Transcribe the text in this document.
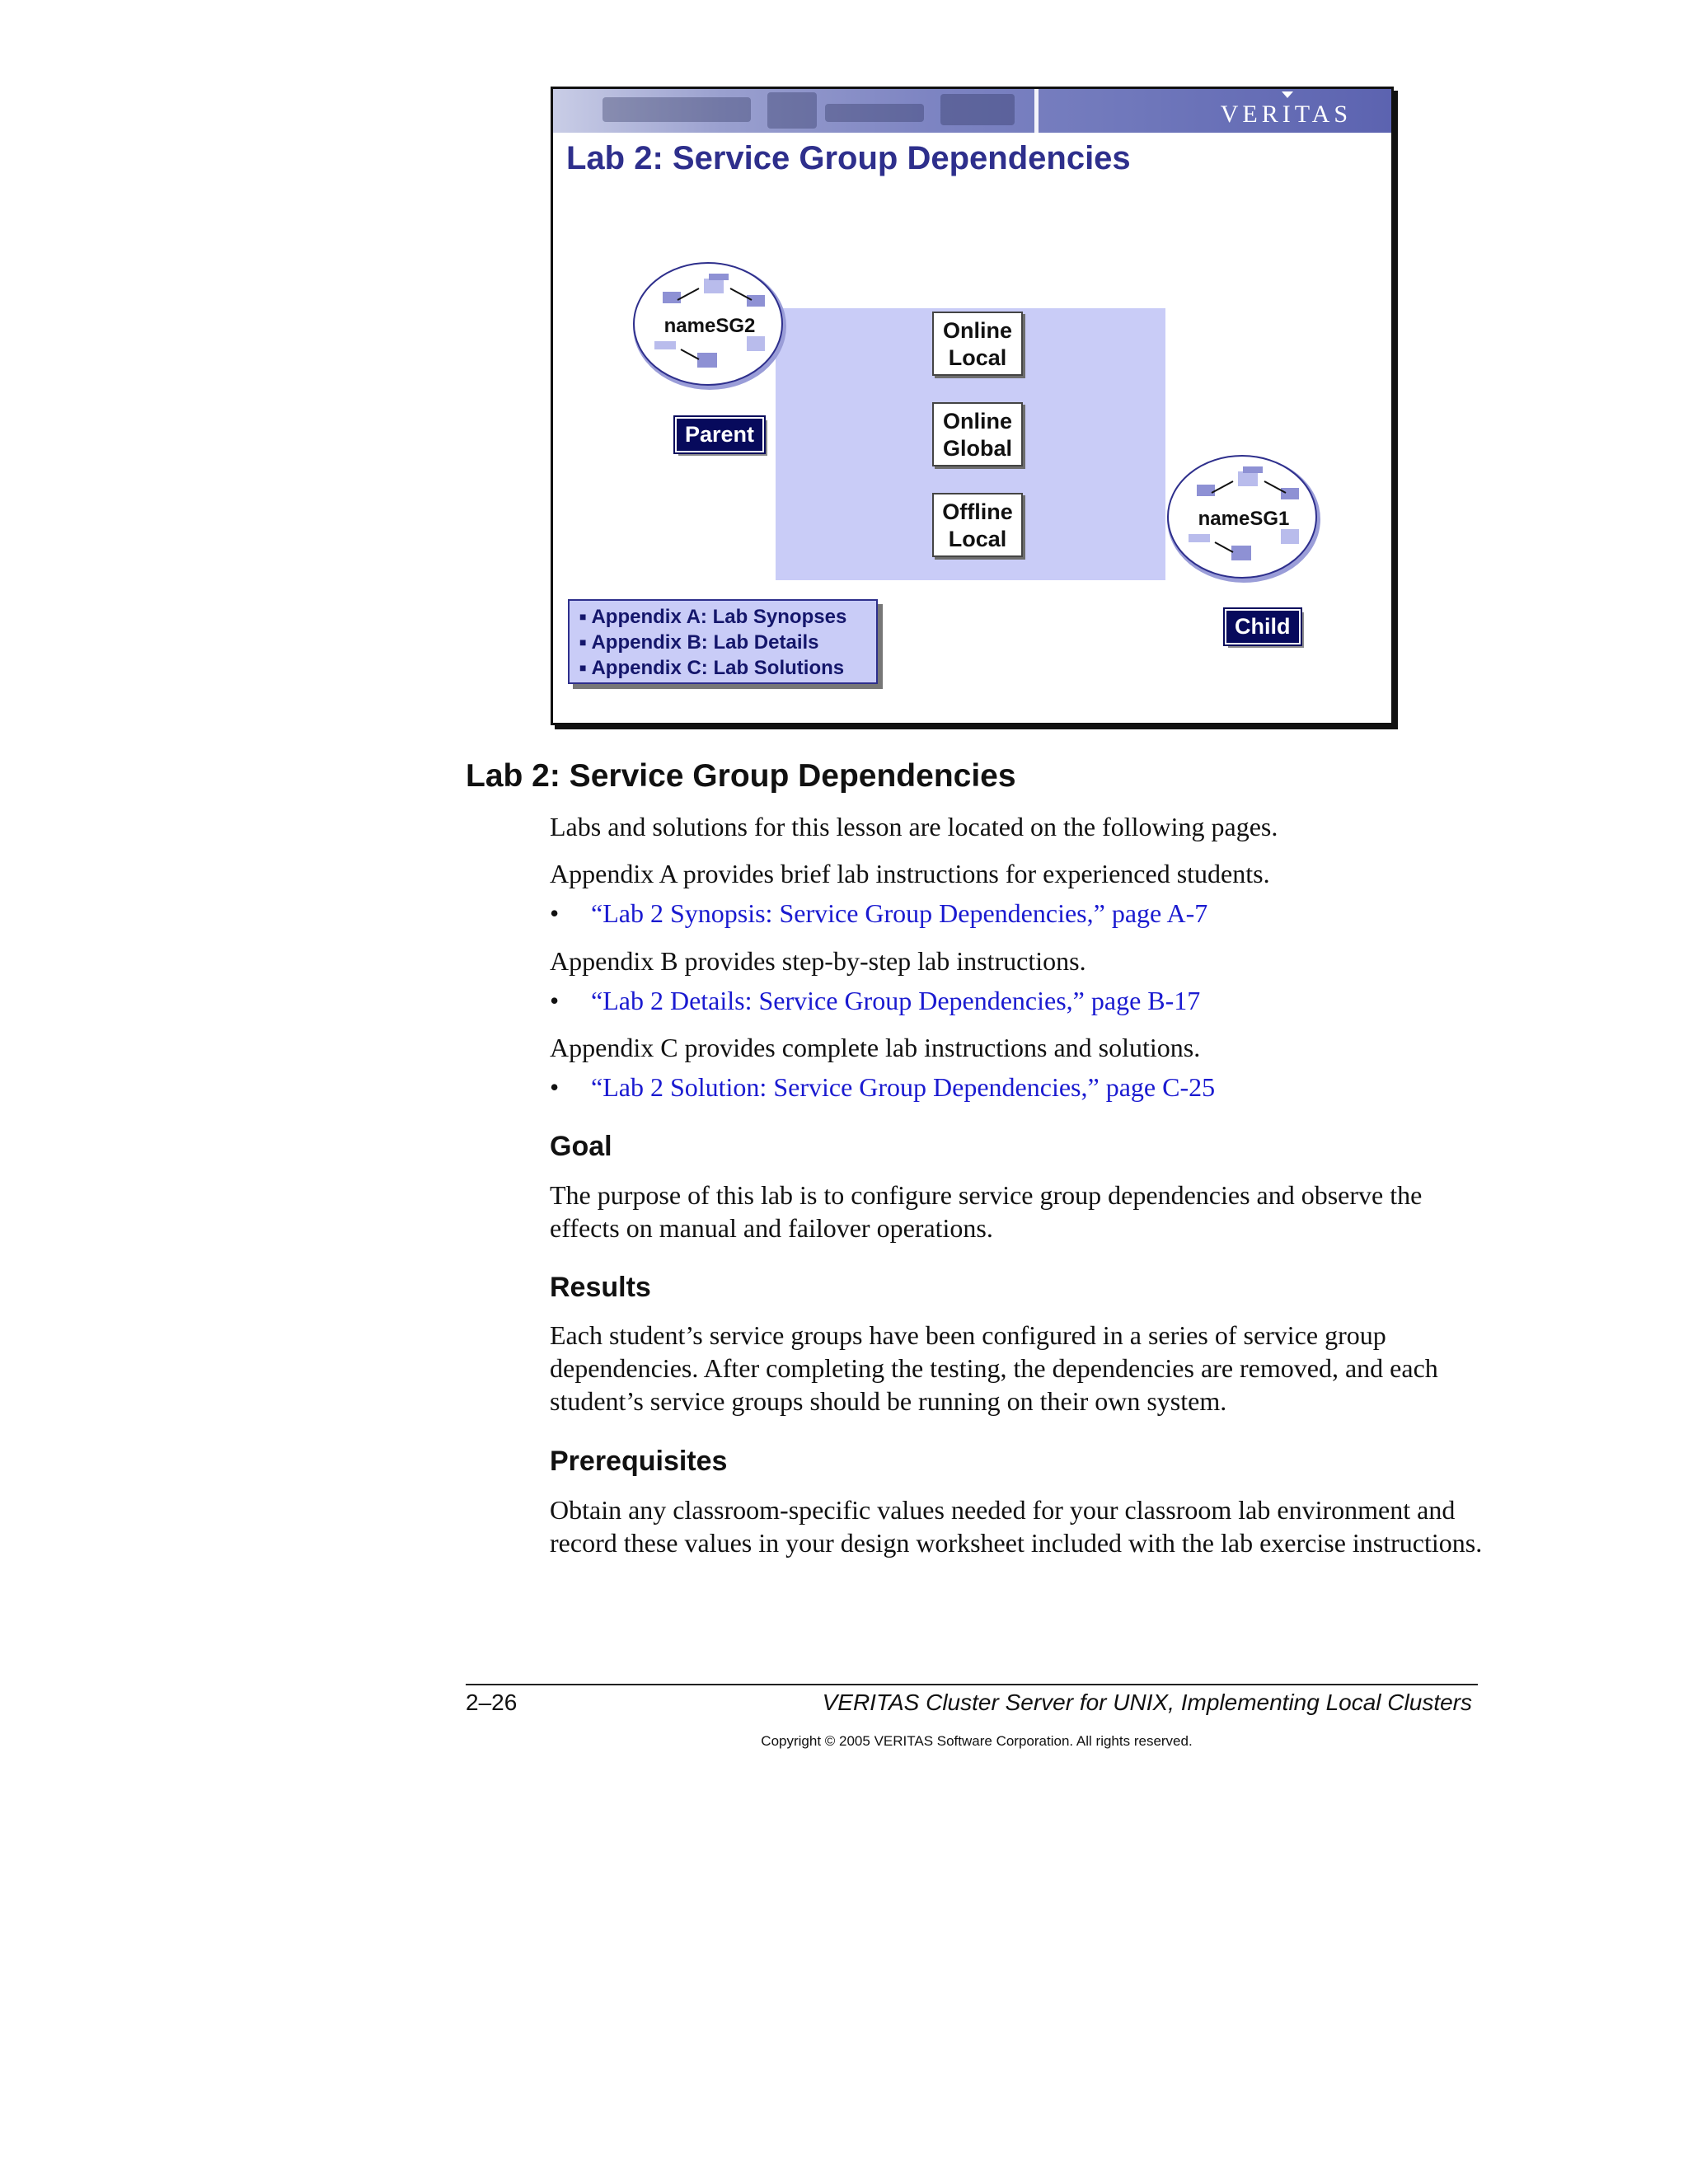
VERITAS
Lab 2: Service Group Dependencies
Online
Local
Online
Global
Offline
Local
nameSG2
Parent
nameSG1
Child
■ Appendix A: Lab Synopses
■ Appendix B: Lab Details
■ Appendix C: Lab Solutions
Lab 2: Service Group Dependencies
Labs and solutions for this lesson are located on the following pages.
Appendix A provides brief lab instructions for experienced students.
• “Lab 2 Synopsis: Service Group Dependencies,” page A-7
Appendix B provides step-by-step lab instructions.
• “Lab 2 Details: Service Group Dependencies,” page B-17
Appendix C provides complete lab instructions and solutions.
• “Lab 2 Solution: Service Group Dependencies,” page C-25
Goal
The purpose of this lab is to configure service group dependencies and observe the effects on manual and failover operations.
Results
Each student’s service groups have been configured in a series of service group dependencies. After completing the testing, the dependencies are removed, and each student’s service groups should be running on their own system.
Prerequisites
Obtain any classroom-specific values needed for your classroom lab environment and record these values in your design worksheet included with the lab exercise instructions.
2–26	VERITAS Cluster Server for UNIX, Implementing Local Clusters
Copyright © 2005 VERITAS Software Corporation. All rights reserved.
